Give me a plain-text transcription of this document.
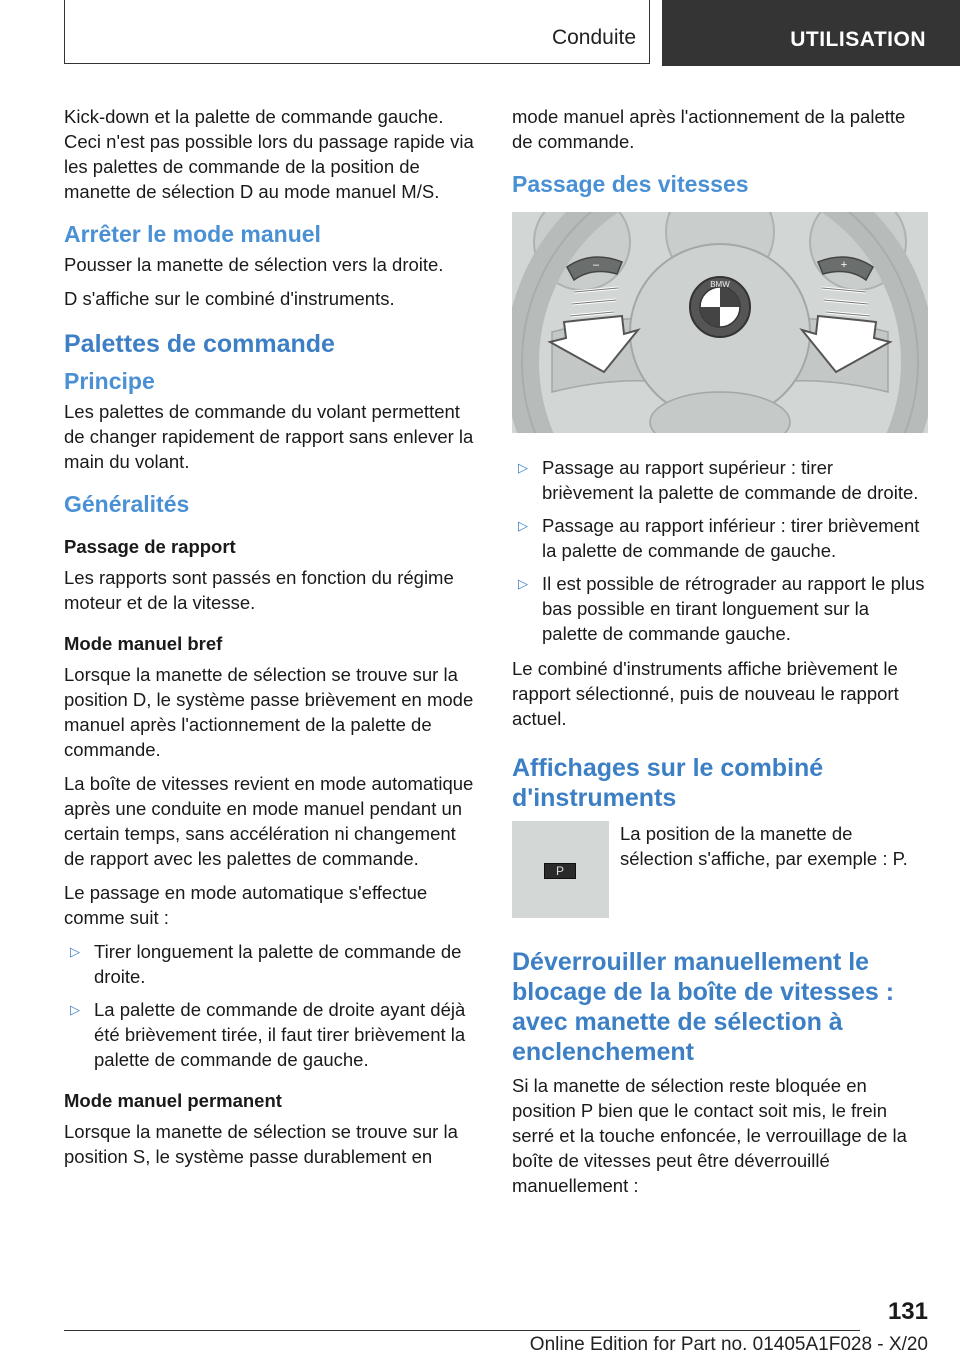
Conduite	UTILISATION

Kick-down et la palette de commande gauche. Ceci n'est pas possible lors du passage rapide via les palettes de commande de la position de manette de sélection D au mode manuel M/S.

Arrêter le mode manuel

Pousser la manette de sélection vers la droite.

D s'affiche sur le combiné d'instruments.

Palettes de commande
Principe

Les palettes de commande du volant permettent de changer rapidement de rapport sans enlever la main du volant.

Généralités
Passage de rapport

Les rapports sont passés en fonction du régime moteur et de la vitesse.

Mode manuel bref

Lorsque la manette de sélection se trouve sur la position D, le système passe brièvement en mode manuel après l'actionnement de la palette de commande.

La boîte de vitesses revient en mode automatique après une conduite en mode manuel pendant un certain temps, sans accélération ni changement de rapport avec les palettes de commande.

Le passage en mode automatique s'effectue comme suit :

▷ Tirer longuement la palette de commande de droite.
▷ La palette de commande de droite ayant déjà été brièvement tirée, il faut tirer brièvement la palette de commande de gauche.
Mode manuel permanent

Lorsque la manette de sélection se trouve sur la position S, le système passe durablement en

mode manuel après l'actionnement de la palette de commande.

Passage des vitesses
BMW
–	+
▷ Passage au rapport supérieur : tirer brièvement la palette de commande de droite.
▷ Passage au rapport inférieur : tirer brièvement la palette de commande de gauche.
▷ Il est possible de rétrograder au rapport le plus bas possible en tirant longuement sur la palette de commande gauche.

Le combiné d'instruments affiche brièvement le rapport sélectionné, puis de nouveau le rapport actuel.

Affichages sur le combiné d'instruments
P
La position de la manette de sélection s'affiche, par exemple : P.
Déverrouiller manuellement le blocage de la boîte de vitesses : avec manette de sélection à enclenchement

Si la manette de sélection reste bloquée en position P bien que le contact soit mis, le frein serré et la touche enfoncée, le verrouillage de la boîte de vitesses peut être déverrouillé manuellement :

131
Online Edition for Part no. 01405A1F028 - X/20
